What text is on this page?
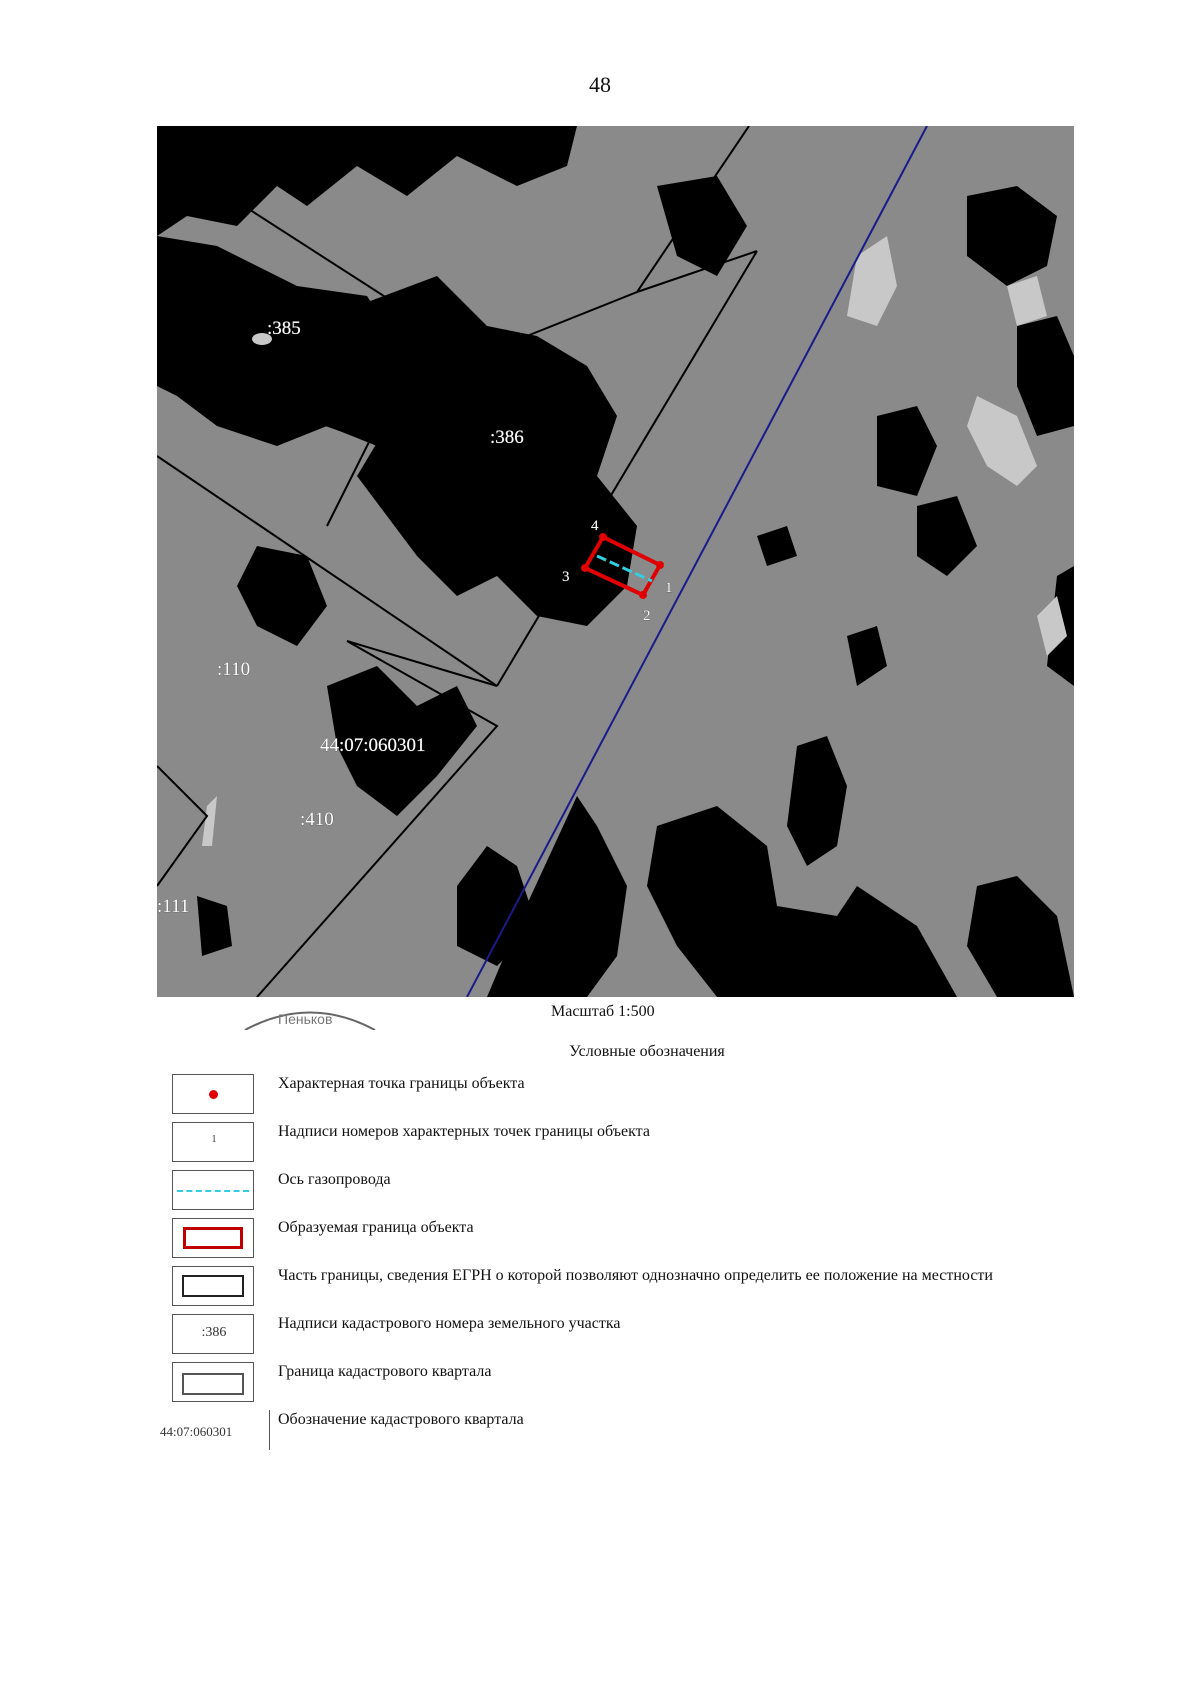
48
1
2
3
4
:385
:386
:110
:410
:111
44:07:060301
Пеньков	Масштаб 1:500
Условные обозначения
Характерная точка границы объекта
1	Надписи номеров характерных точек границы объекта
Ось газопровода
Образуемая граница объекта
Часть границы, сведения ЕГРН о которой позволяют однозначно определить ее положение на местности
:386
Надписи кадастрового номера земельного участка
Граница кадастрового квартала
44:07:060301
Обозначение кадастрового квартала
